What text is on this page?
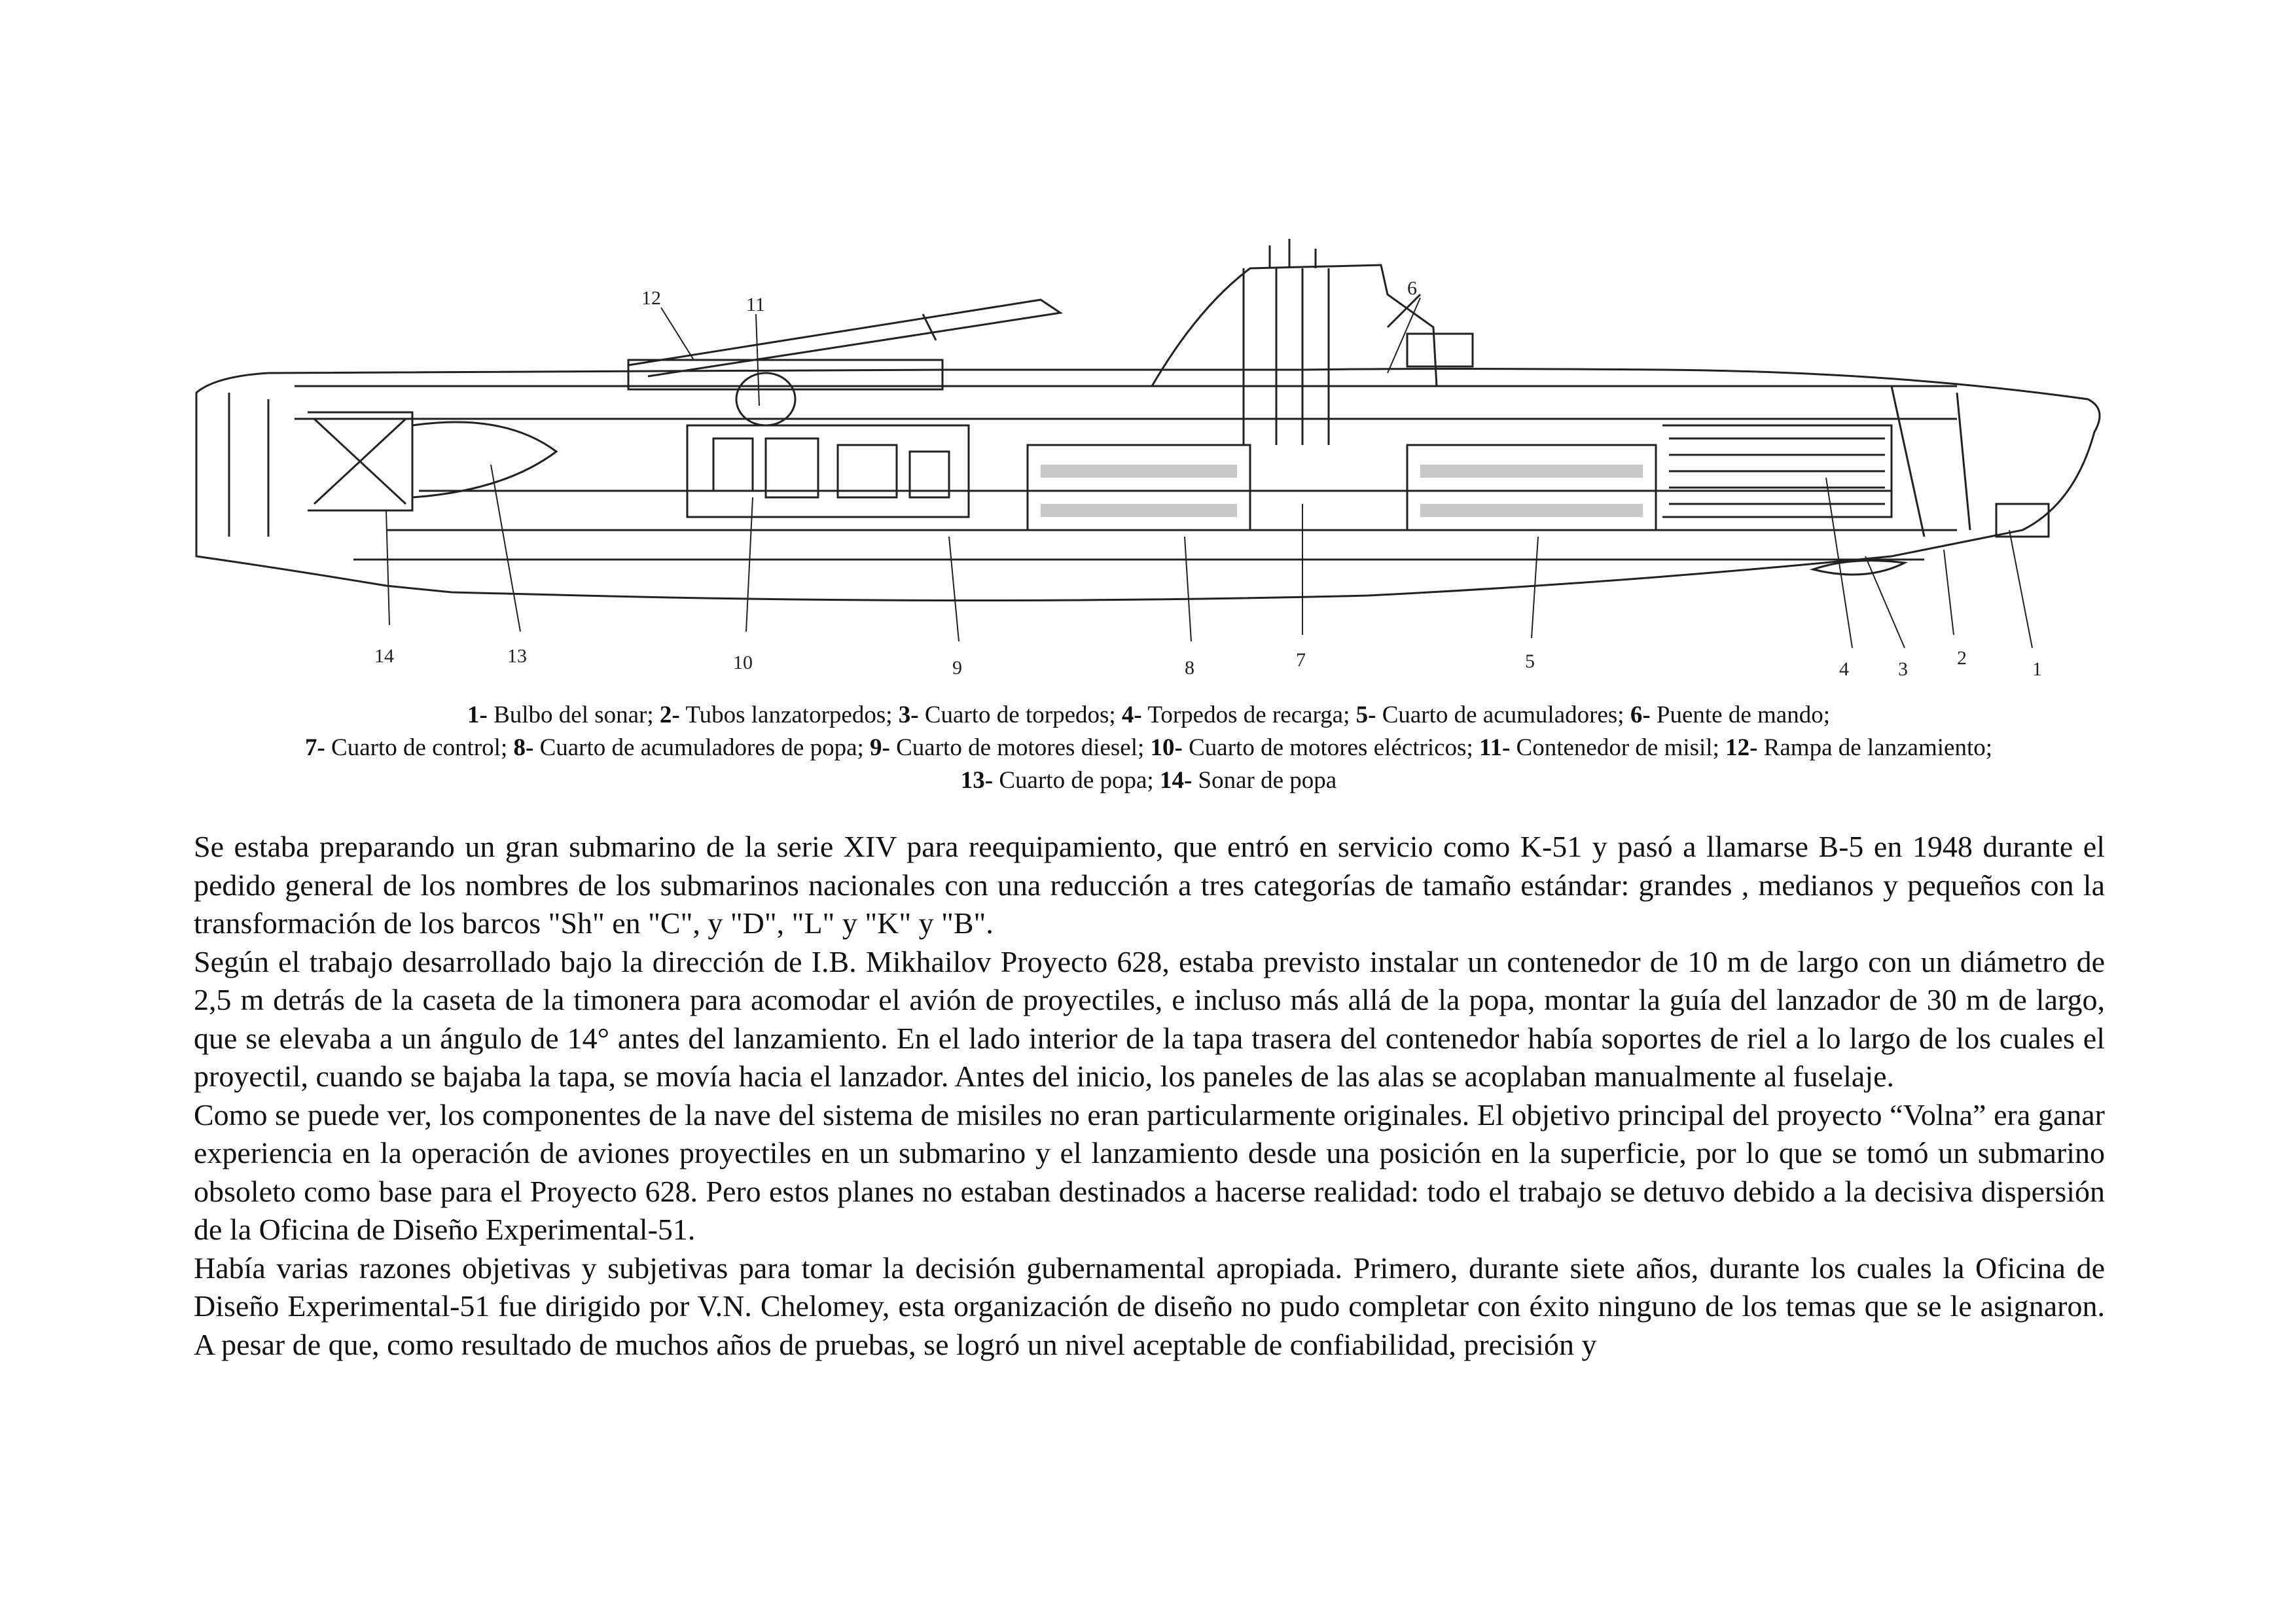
1
2
3
4
5
6
7
8
9
10
11
12
13
14
1- Bulbo del sonar; 2- Tubos lanzatorpedos; 3- Cuarto de torpedos; 4- Torpedos de recarga; 5- Cuarto de acumuladores; 6- Puente de mando;
7- Cuarto de control; 8- Cuarto de acumuladores de popa; 9- Cuarto de motores diesel; 10- Cuarto de motores eléctricos; 11- Contenedor de misil; 12- Rampa de lanzamiento;
13- Cuarto de popa; 14- Sonar de popa

Se estaba preparando un gran submarino de la serie XIV para reequipamiento, que entró en servicio como K-51 y pasó a llamarse B-5 en 1948 durante el pedido general de los nombres de los submarinos nacionales con una reducción a tres categorías de tamaño estándar: grandes , medianos y pequeños con la transformación de los barcos "Sh" en "C", y "D", "L" y "K" y "B".

Según el trabajo desarrollado bajo la dirección de I.B. Mikhailov Proyecto 628, estaba previsto instalar un contenedor de 10 m de largo con un diámetro de 2,5 m detrás de la caseta de la timonera para acomodar el avión de proyectiles, e incluso más allá de la popa, montar la guía del lanzador de 30 m de largo, que se elevaba a un ángulo de 14° antes del lanzamiento. En el lado interior de la tapa trasera del contenedor había soportes de riel a lo largo de los cuales el proyectil, cuando se bajaba la tapa, se movía hacia el lanzador. Antes del inicio, los paneles de las alas se acoplaban manualmente al fuselaje.

Como se puede ver, los componentes de la nave del sistema de misiles no eran particularmente originales. El objetivo principal del proyecto “Volna” era ganar experiencia en la operación de aviones proyectiles en un submarino y el lanzamiento desde una posición en la superficie, por lo que se tomó un submarino obsoleto como base para el Proyecto 628. Pero estos planes no estaban destinados a hacerse realidad: todo el trabajo se detuvo debido a la decisiva dispersión de la Oficina de Diseño Experimental-51.

Había varias razones objetivas y subjetivas para tomar la decisión gubernamental apropiada. Primero, durante siete años, durante los cuales la Oficina de Diseño Experimental-51 fue dirigido por V.N. Chelomey, esta organización de diseño no pudo completar con éxito ninguno de los temas que se le asignaron. A pesar de que, como resultado de muchos años de pruebas, se logró un nivel aceptable de confiabilidad, precisión y
